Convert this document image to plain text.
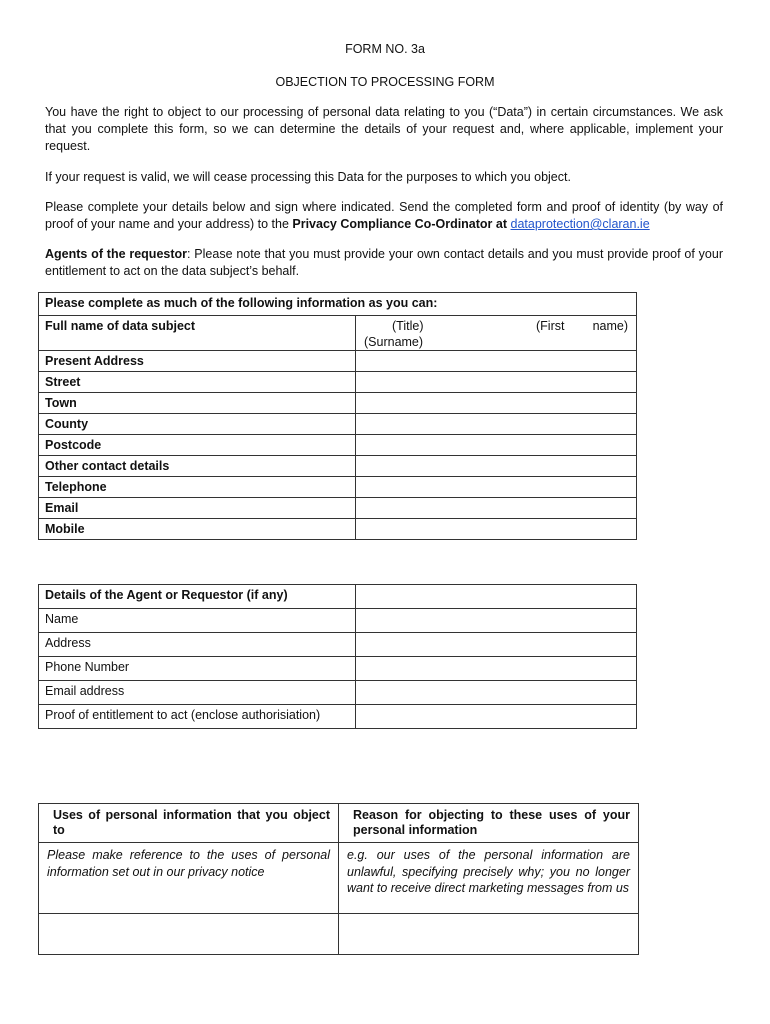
FORM NO. 3a
OBJECTION TO PROCESSING FORM

You have the right to object to our processing of personal data relating to you (“Data”) in certain circumstances. We ask that you complete this form, so we can determine the details of your request and, where applicable, implement your request.

If your request is valid, we will cease processing this Data for the purposes to which you object.

Please complete your details below and sign where indicated. Send the completed form and proof of identity (by way of proof of your name and your address) to the Privacy Compliance Co-Ordinator at dataprotection@claran.ie

Agents of the requestor: Please note that you must provide your own contact details and you must provide proof of your entitlement to act on the data subject’s behalf.

Please complete as much of the following information as you can:	
Full name of data subject	(Title) (First name)
(Surname)

Present Address	
Street	
Town	
County	
Postcode	
Other contact details	
Telephone	
Email	
Mobile	
Details of the Agent or Requestor (if any)	
Name	
Address	
Phone Number	
Email address	
Proof of entitlement to act (enclose authorisiation)	
Uses of personal information that you object to	Reason for objecting to these uses of your personal information
Please make reference to the uses of personal information set out in our privacy notice	e.g. our uses of the personal information are unlawful, specifying precisely why; you no longer want to receive direct marketing messages from us
